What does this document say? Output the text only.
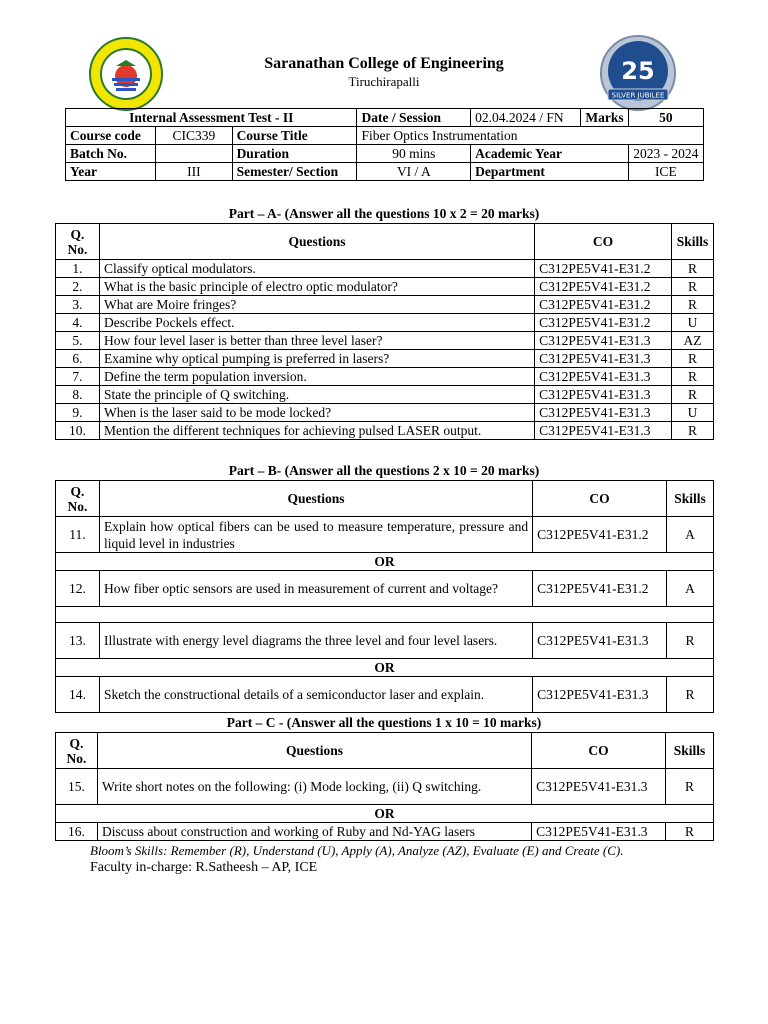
25
SILVER JUBILEE
Saranathan College of Engineering
Tiruchirapalli
Internal Assessment Test - II			Date / Session	02.04.2024 / FN	Marks	50
Course code	CIC339	Course Title	Fiber Optics Instrumentation			
Batch No.		Duration	90 mins	Academic Year		2023 - 2024
Year	III	Semester/ Section	VI / A	Department		ICE
Part – A- (Answer all the questions 10 x 2 = 20 marks)
Q. No.	Questions	CO	Skills
1.	Classify optical modulators.	C312PE5V41-E31.2	R
2.	What is the basic principle of electro optic modulator?	C312PE5V41-E31.2	R
3.	What are Moire fringes?	C312PE5V41-E31.2	R
4.	Describe Pockels effect.	C312PE5V41-E31.2	U
5.	How four level laser is better than three level laser?	C312PE5V41-E31.3	AZ
6.	Examine why optical pumping is preferred in lasers?	C312PE5V41-E31.3	R
7.	Define the term population inversion.	C312PE5V41-E31.3	R
8.	State the principle of Q switching.	C312PE5V41-E31.3	R
9.	When is the laser said to be mode locked?	C312PE5V41-E31.3	U
10.	Mention the different techniques for achieving pulsed LASER output.	C312PE5V41-E31.3	R
Part – B- (Answer all the questions 2 x 10 = 20 marks)
Q. No.	Questions	CO	Skills
11.	Explain how optical fibers can be used to measure temperature, pressure and liquid level in industries	C312PE5V41-E31.2	A
OR			
12.	How fiber optic sensors are used in measurement of current and voltage?	C312PE5V41-E31.2	A

13.	Illustrate with energy level diagrams the three level and four level lasers.	C312PE5V41-E31.3	R
OR			
14.	Sketch the constructional details of a semiconductor laser and explain.	C312PE5V41-E31.3	R
Part – C - (Answer all the questions 1 x 10 = 10 marks)
Q. No.	Questions	CO	Skills
15.	Write short notes on the following: (i) Mode locking, (ii) Q switching.	C312PE5V41-E31.3	R
OR			
16.	Discuss about construction and working of Ruby and Nd-YAG lasers	C312PE5V41-E31.3	R
Bloom’s Skills: Remember (R), Understand (U), Apply (A), Analyze (AZ), Evaluate (E) and Create (C).
Faculty in-charge: R.Satheesh – AP, ICE
